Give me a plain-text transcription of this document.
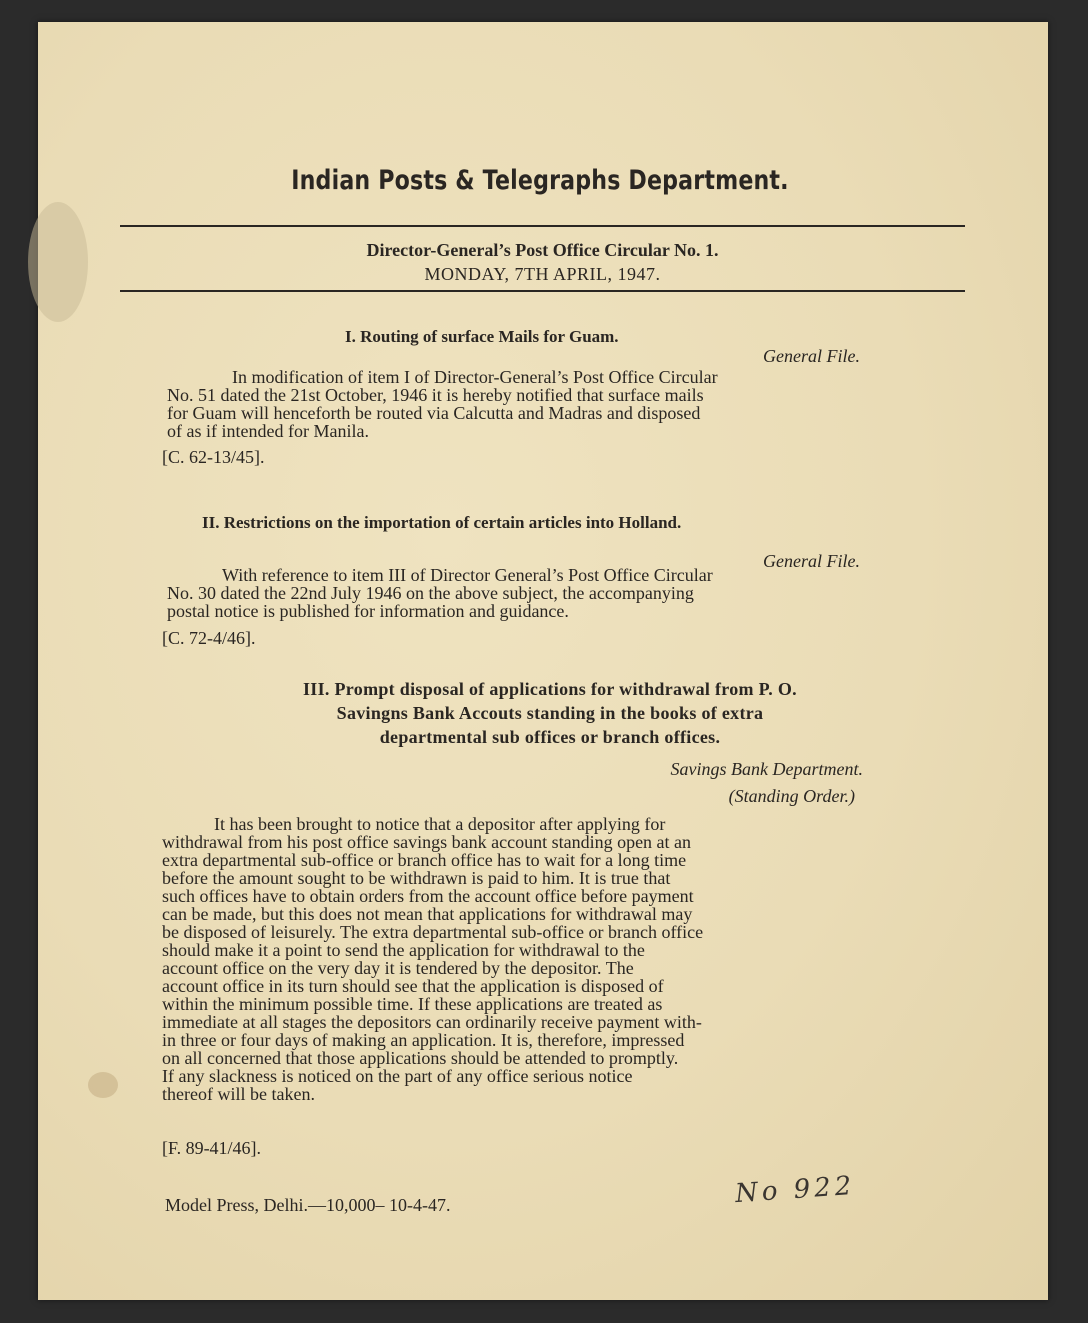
Indian Posts & Telegraphs Department.
Director-General’s Post Office Circular No. 1.
MONDAY, 7TH APRIL, 1947.
I. Routing of surface Mails for Guam.
General File.
In modification of item I of Director-General’s Post Office Circular
No. 51 dated the 21st October, 1946 it is hereby notified that surface mails
for Guam will henceforth be routed via Calcutta and Madras and disposed
of as if intended for Manila.
[C. 62-13/45].
II. Restrictions on the importation of certain articles into Holland.
General File.
With reference to item III of Director General’s Post Office Circular
No. 30 dated the 22nd July 1946 on the above subject, the accompanying
postal notice is published for information and guidance.
[C. 72-4/46].
III. Prompt disposal of applications for withdrawal from P. O.
Savingns Bank Accouts standing in the books of extra
departmental sub offices or branch offices.
Savings Bank Department.
(Standing Order.)
It has been brought to notice that a depositor after applying for
withdrawal from his post office savings bank account standing open at an
extra departmental sub-office or branch office has to wait for a long time
before the amount sought to be withdrawn is paid to him. It is true that
such offices have to obtain orders from the account office before payment
can be made, but this does not mean that applications for withdrawal may
be disposed of leisurely. The extra departmental sub-office or branch office
should make it a point to send the application for withdrawal to the
account office on the very day it is tendered by the depositor. The
account office in its turn should see that the application is disposed of
within the minimum possible time. If these applications are treated as
immediate at all stages the depositors can ordinarily receive payment with-
in three or four days of making an application. It is, therefore, impressed
on all concerned that those applications should be attended to promptly.
If any slackness is noticed on the part of any office serious notice
thereof will be taken.
[F. 89-41/46].
Model Press, Delhi.—10,000– 10-4-47.	No 922
